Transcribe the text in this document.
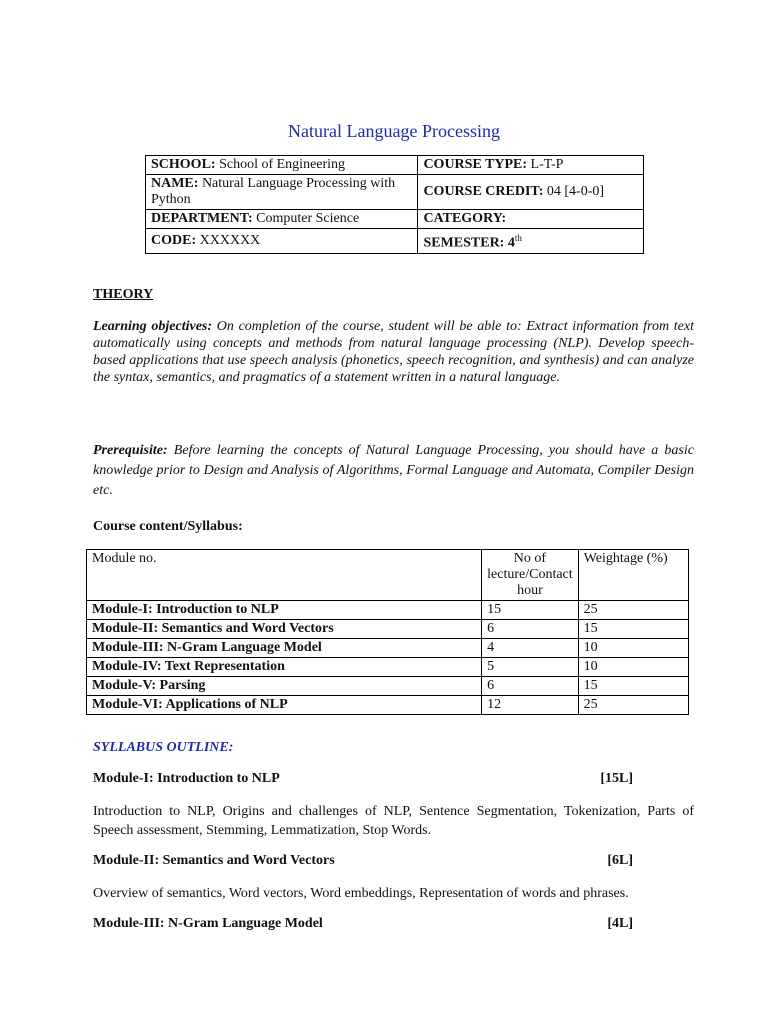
Natural Language Processing
SCHOOL: School of Engineering	COURSE TYPE: L-T-P
NAME: Natural Language Processing with Python	COURSE CREDIT: 04 [4-0-0]
DEPARTMENT: Computer Science	CATEGORY:
CODE: XXXXXX	SEMESTER: 4th
THEORY
Learning objectives: On completion of the course, student will be able to: Extract information from text automatically using concepts and methods from natural language processing (NLP). Develop speech-based applications that use speech analysis (phonetics, speech recognition, and synthesis) and can analyze the syntax, semantics, and pragmatics of a statement written in a natural language.
Prerequisite: Before learning the concepts of Natural Language Processing, you should have a basic knowledge prior to Design and Analysis of Algorithms, Formal Language and Automata, Compiler Design etc.
Course content/Syllabus:
Module no.	No of lecture/Contact hour	Weightage (%)
Module-I: Introduction to NLP	15	25
Module-II: Semantics and Word Vectors	6	15
Module-III: N-Gram Language Model	4	10
Module-IV: Text Representation	5	10
Module-V: Parsing	6	15
Module-VI: Applications of NLP	12	25
SYLLABUS OUTLINE:
Module-I: Introduction to NLP	[15L]
Introduction to NLP, Origins and challenges of NLP, Sentence Segmentation, Tokenization, Parts of Speech assessment, Stemming, Lemmatization, Stop Words.
Module-II: Semantics and Word Vectors	[6L]
Overview of semantics, Word vectors, Word embeddings, Representation of words and phrases.
Module-III: N-Gram Language Model	[4L]
